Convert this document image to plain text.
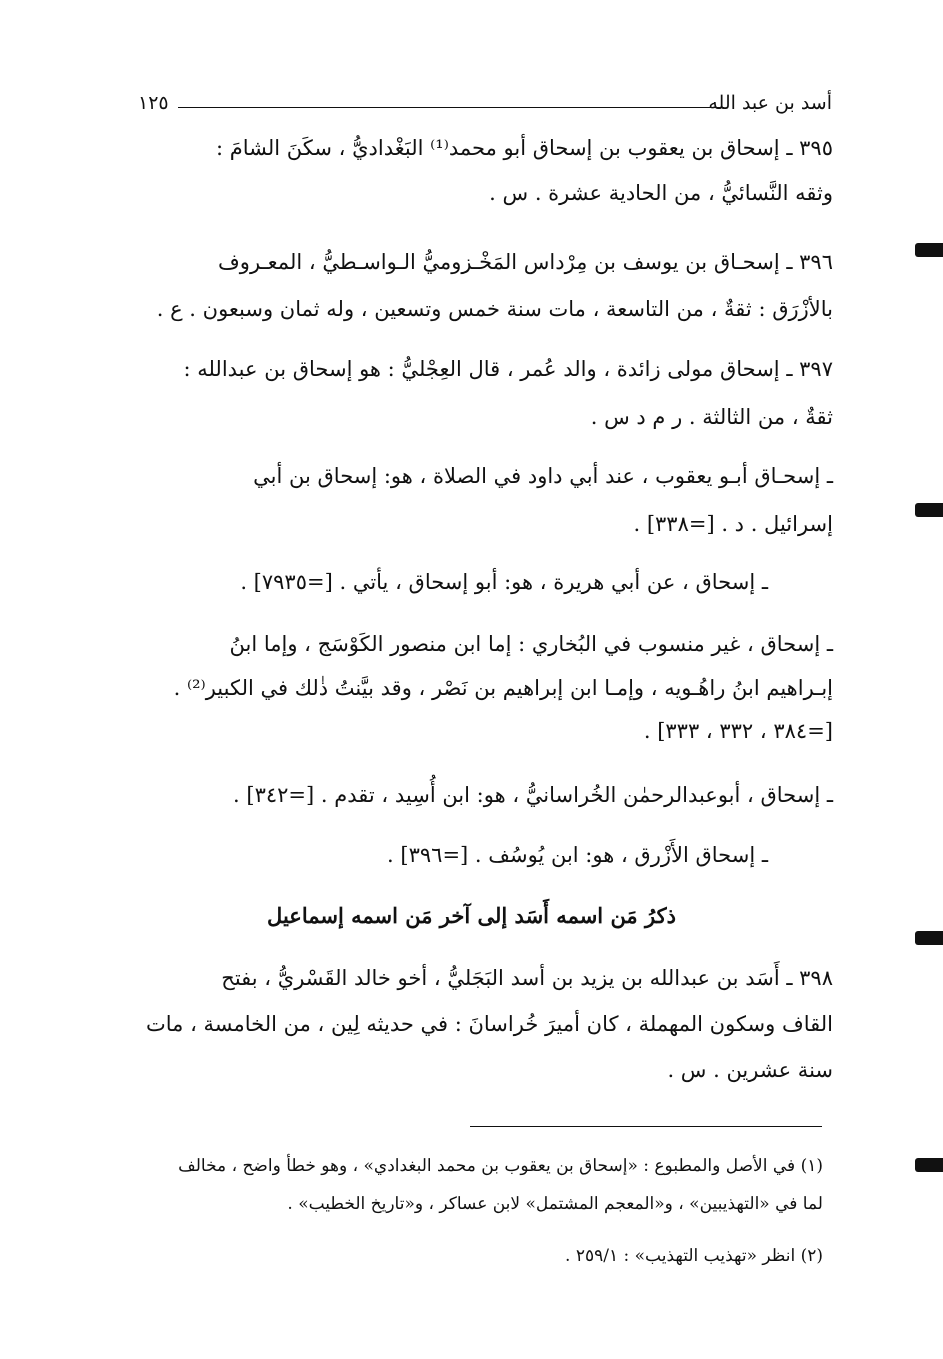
أسد بن عبد الله
١٢٥
٣٩٥ ـ إسحاق بن يعقوب بن إسحاق أبو محمد⁽¹⁾ البَغْداديُّ ، سكَنَ الشامَ :
وثقه النَّسائيُّ ، من الحادية عشرة . س .
٣٩٦ ـ إسحـاق بن يوسف بن مِرْداس المَخْـزوميُّ الـواسـطيُّ ، المعـروف
بالأزْرَق : ثقةٌ ، من التاسعة ، مات سنة خمس وتسعين ، وله ثمان وسبعون . ع .
٣٩٧ ـ إسحاق مولى زائدة ، والد عُمر ، قال العِجْليُّ : هو إسحاق بن عبدالله :
ثقةٌ ، من الثالثة . ر م د س .
ـ إسحـاق أبـو يعقوب ، عند أبي داود في الصلاة ، هو: إسحاق بن أبي
إسرائيل . د . [=٣٣٨] .
ـ إسحاق ، عن أبي هريرة ، هو: أبو إسحاق ، يأتي . [=٧٩٣٥] .
ـ إسحاق ، غير منسوب في البُخاري : إما ابن منصور الكَوْسَج ، وإما ابنُ
إبـراهيم ابنُ راهُـويه ، وإمـا ابن إبراهيم بن نَصْر ، وقد بيَّنتُ ذٰلك في الكبير⁽²⁾ .
[=٣٨٤ ، ٣٣٢ ، ٣٣٣] .
ـ إسحاق ، أبوعبدالرحمٰن الخُراسانيُّ ، هو: ابن أُسِيد ، تقدم . [=٣٤٢] .
ـ إسحاق الأَزْرق ، هو: ابن يُوسُف . [=٣٩٦] .
ذكرُ مَن اسمه أَسَد إلى آخر مَن اسمه إسماعيل
٣٩٨ ـ أَسَد بن عبدالله بن يزيد بن أسد البَجَليُّ ، أخو خالد القَسْريُّ ، بفتح
القاف وسكون المهملة ، كان أميرَ خُراسانَ : في حديثه لِين ، من الخامسة ، مات
سنة عشرين . س .
(١) في الأصل والمطبوع : «إسحاق بن يعقوب بن محمد البغدادي» ، وهو خطأ واضح ، مخالف
لما في «التهذيبين» ، و«المعجم المشتمل» لابن عساكر ، و«تاريخ الخطيب» .
(٢) انظر «تهذيب التهذيب» : ٢٥٩/١ .
